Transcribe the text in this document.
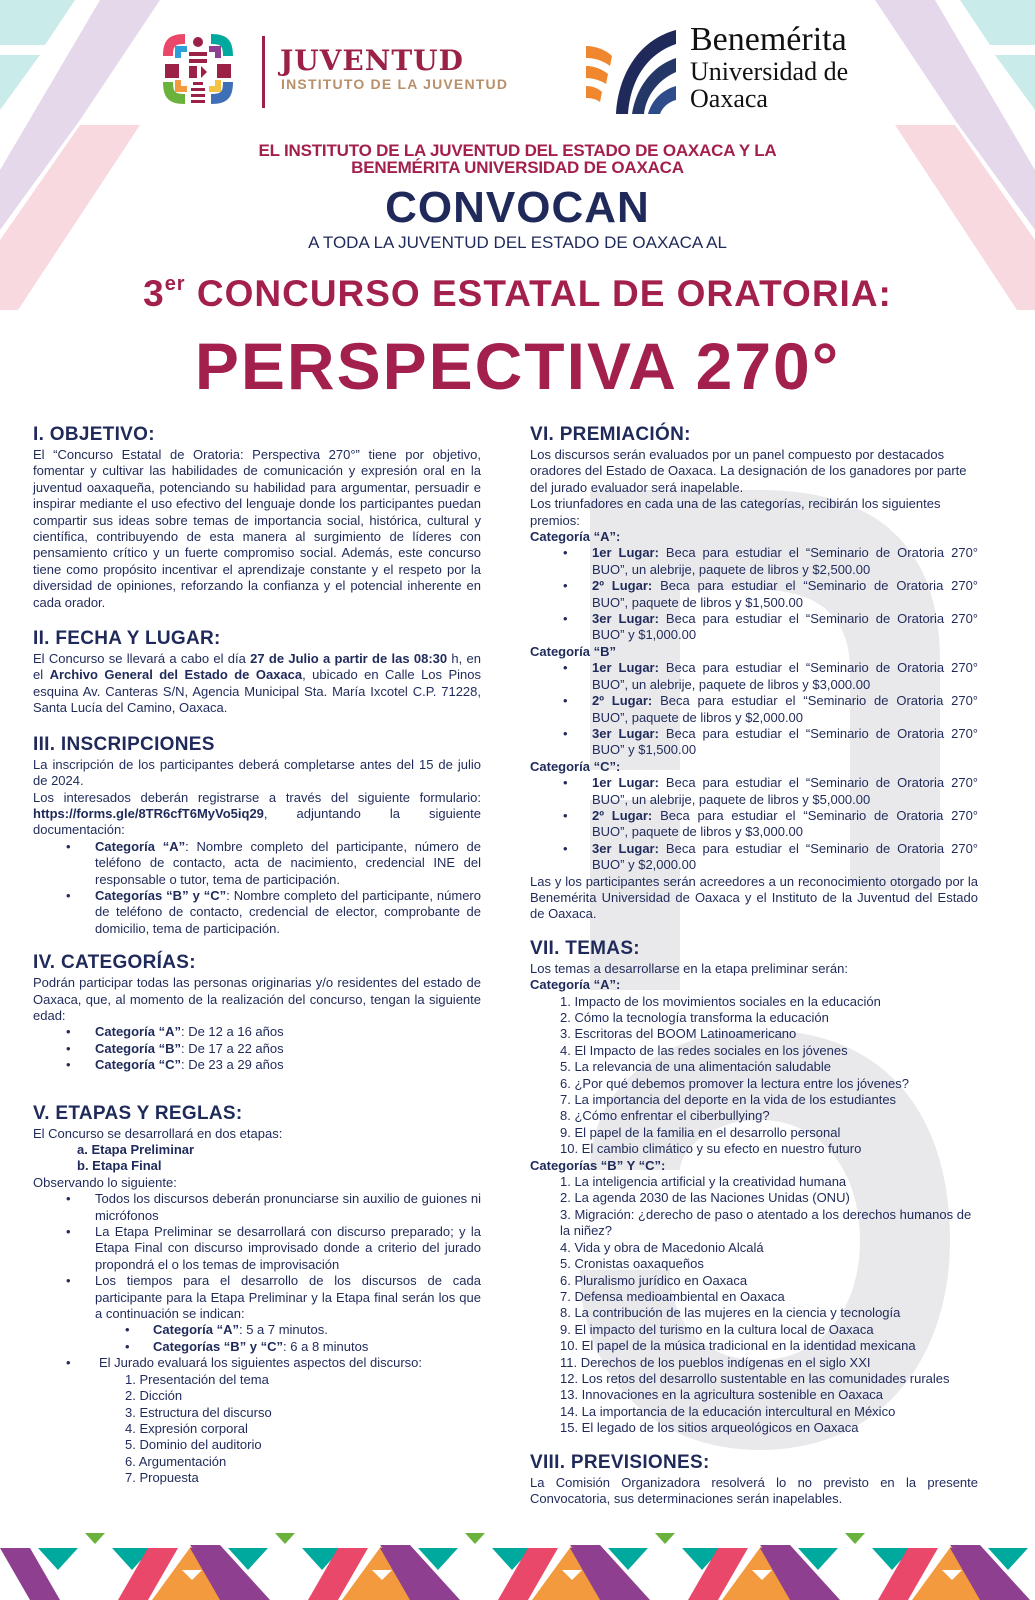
JUVENTUD
INSTITUTO DE LA JUVENTUD
Benemérita
Universidad de
Oaxaca
EL INSTITUTO DE LA JUVENTUD DEL ESTADO DE OAXACA Y LA
BENEMÉRITA UNIVERSIDAD DE OAXACA
CONVOCAN
A TODA LA JUVENTUD DEL ESTADO DE OAXACA AL
3er CONCURSO ESTATAL DE ORATORIA:
PERSPECTIVA 270°
I. OBJETIVO:

El “Concurso Estatal de Oratoria: Perspectiva 270°” tiene por objetivo, fomentar y cultivar las habilidades de comunicación y expresión oral en la juventud oaxaqueña, potenciando su habilidad para argumentar, persuadir e inspirar mediante el uso efectivo del lenguaje donde los participantes puedan compartir sus ideas sobre temas de importancia social, histórica, cultural y científica, contribuyendo de esta manera al surgimiento de líderes con pensamiento crítico y un fuerte compromiso social. Además, este concurso tiene como propósito incentivar el aprendizaje constante y el respeto por la diversidad de opiniones, reforzando la confianza y el potencial inherente en cada orador.

II. FECHA Y LUGAR:

El Concurso se llevará a cabo el día 27 de Julio a partir de las 08:30 h, en el Archivo General del Estado de Oaxaca, ubicado en Calle Los Pinos esquina Av. Canteras S/N, Agencia Municipal Sta. María Ixcotel C.P. 71228, Santa Lucía del Camino, Oaxaca.

III. INSCRIPCIONES

La inscripción de los participantes deberá completarse antes del 15 de julio de 2024.

Los interesados deberán registrarse a través del siguiente formulario: https://forms.gle/8TR6cfT6MyVo5iq29, adjuntando la siguiente documentación:

• Categoría “A”: Nombre completo del participante, número de teléfono de contacto, acta de nacimiento, credencial INE del responsable o tutor, tema de participación.
• Categorías “B” y “C”: Nombre completo del participante, número de teléfono de contacto, credencial de elector, comprobante de domicilio, tema de participación.
IV. CATEGORÍAS:

Podrán participar todas las personas originarias y/o residentes del estado de Oaxaca, que, al momento de la realización del concurso, tengan la siguiente edad:

• Categoría “A”: De 12 a 16 años
• Categoría “B”: De 17 a 22 años
• Categoría “C”: De 23 a 29 años
V. ETAPAS Y REGLAS:

El Concurso se desarrollará en dos etapas:

a. Etapa Preliminar
b. Etapa Final

Observando lo siguiente:

• Todos los discursos deberán pronunciarse sin auxilio de guiones ni micrófonos
• La Etapa Preliminar se desarrollará con discurso preparado; y la Etapa Final con discurso improvisado donde a criterio del jurado propondrá el o los temas de improvisación
• Los tiempos para el desarrollo de los discursos de cada participante para la Etapa Preliminar y la Etapa final serán los que a continuación se indican:
• Categoría “A”: 5 a 7 minutos.
• Categorías “B” y “C”: 6 a 8 minutos
• El Jurado evaluará los siguientes aspectos del discurso:
1. Presentación del tema
2. Dicción
3. Estructura del discurso
4. Expresión corporal
5. Dominio del auditorio
6. Argumentación
7. Propuesta
VI. PREMIACIÓN:

Los discursos serán evaluados por un panel compuesto por destacados oradores del Estado de Oaxaca. La designación de los ganadores por parte del jurado evaluador será inapelable.

Los triunfadores en cada una de las categorías, recibirán los siguientes premios:

Categoría “A”:
• 1er Lugar: Beca para estudiar el “Seminario de Oratoria 270° BUO”, un alebrije, paquete de libros y $2,500.00
• 2º Lugar: Beca para estudiar el “Seminario de Oratoria 270° BUO”, paquete de libros y $1,500.00
• 3er Lugar: Beca para estudiar el “Seminario de Oratoria 270° BUO” y $1,000.00
Categoría “B”
• 1er Lugar: Beca para estudiar el “Seminario de Oratoria 270° BUO”, un alebrije, paquete de libros y $3,000.00
• 2º Lugar: Beca para estudiar el “Seminario de Oratoria 270° BUO”, paquete de libros y $2,000.00
• 3er Lugar: Beca para estudiar el “Seminario de Oratoria 270° BUO” y $1,500.00
Categoría “C”:
• 1er Lugar: Beca para estudiar el “Seminario de Oratoria 270° BUO”, un alebrije, paquete de libros y $5,000.00
• 2º Lugar: Beca para estudiar el “Seminario de Oratoria 270° BUO”, paquete de libros y $3,000.00
• 3er Lugar: Beca para estudiar el “Seminario de Oratoria 270° BUO” y $2,000.00

Las y los participantes serán acreedores a un reconocimiento otorgado por la Benemérita Universidad de Oaxaca y el Instituto de la Juventud del Estado de Oaxaca.

VII. TEMAS:

Los temas a desarrollarse en la etapa preliminar serán:

Categoría “A”:
1. Impacto de los movimientos sociales en la educación
2. Cómo la tecnología transforma la educación
3. Escritoras del BOOM Latinoamericano
4. El Impacto de las redes sociales en los jóvenes
5. La relevancia de una alimentación saludable
6. ¿Por qué debemos promover la lectura entre los jóvenes?
7. La importancia del deporte en la vida de los estudiantes
8. ¿Cómo enfrentar el ciberbullying?
9. El papel de la familia en el desarrollo personal
10. El cambio climático y su efecto en nuestro futuro
Categorías “B” Y “C”:
1. La inteligencia artificial y la creatividad humana
2. La agenda 2030 de las Naciones Unidas (ONU)
3. Migración: ¿derecho de paso o atentado a los derechos humanos de la niñez?
4. Vida y obra de Macedonio Alcalá
5. Cronistas oaxaqueños
6. Pluralismo jurídico en Oaxaca
7. Defensa medioambiental en Oaxaca
8. La contribución de las mujeres en la ciencia y tecnología
9. El impacto del turismo en la cultura local de Oaxaca
10. El papel de la música tradicional en la identidad mexicana
11. Derechos de los pueblos indígenas en el siglo XXI
12. Los retos del desarrollo sustentable en las comunidades rurales
13. Innovaciones en la agricultura sostenible en Oaxaca
14. La importancia de la educación intercultural en México
15. El legado de los sitios arqueológicos en Oaxaca
VIII. PREVISIONES:

La Comisión Organizadora resolverá lo no previsto en la presente Convocatoria, sus determinaciones serán inapelables.
